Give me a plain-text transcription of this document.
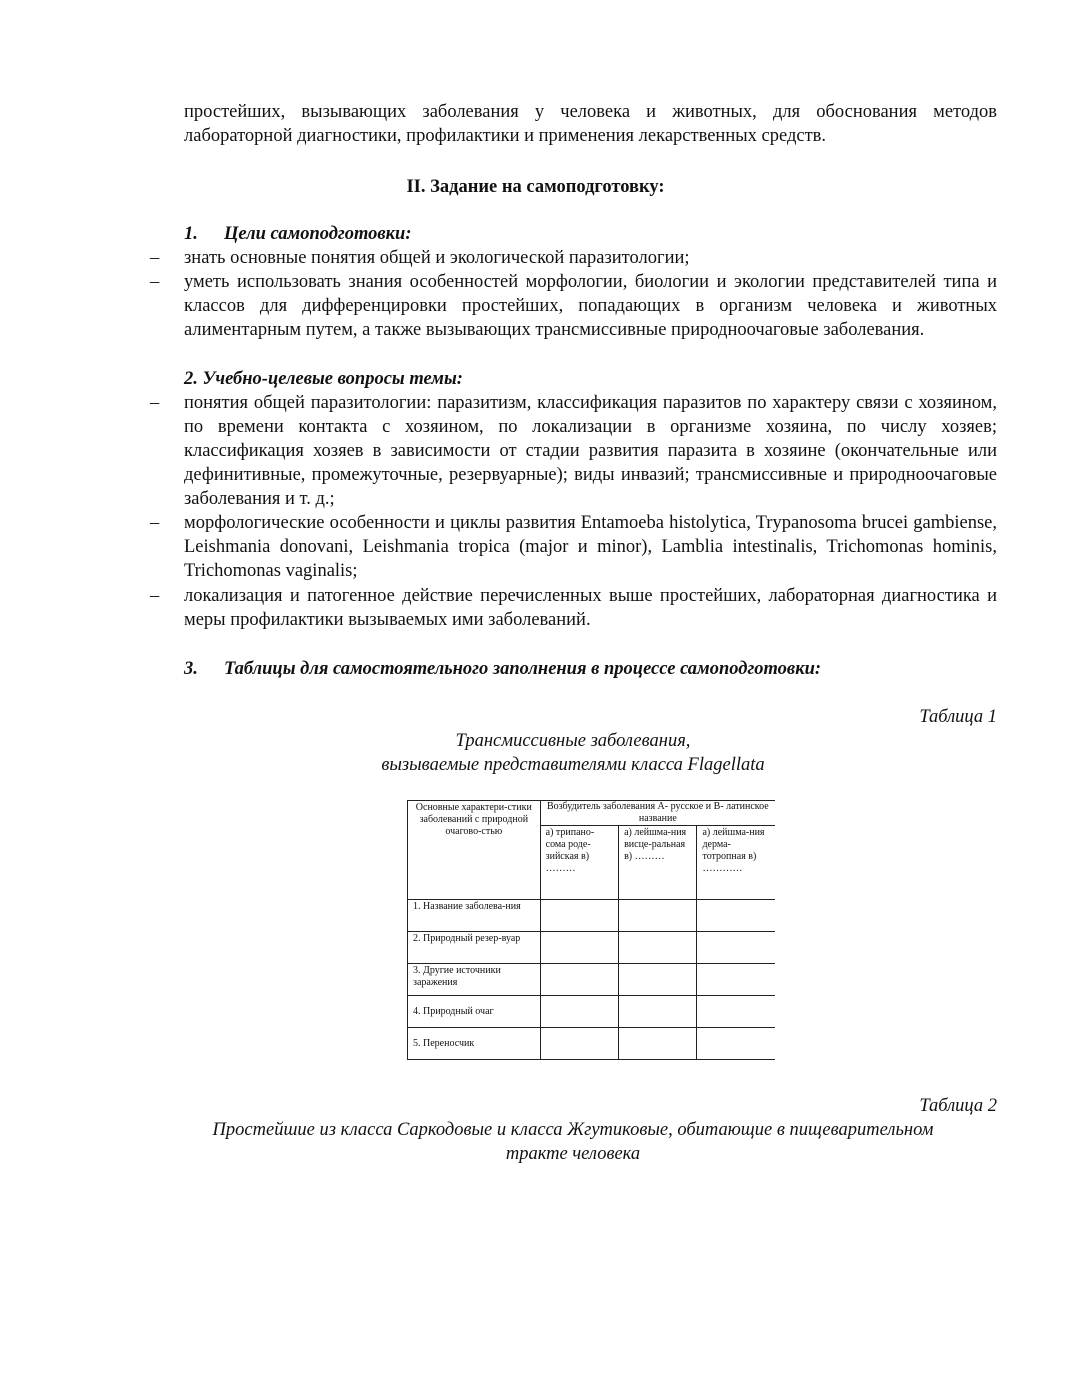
простейших, вызывающих заболевания у человека и животных, для обоснования методов лабораторной диагностики, профилактики и применения лекарственных средств.
II. Задание на самоподготовку:
1. Цели самоподготовки:
– знать основные понятия общей и экологической паразитологии;
– уметь использовать знания особенностей морфологии, биологии и экологии представителей типа и классов для дифференцировки простейших, попадающих в организм человека и животных алиментарным путем, а также вызывающих трансмиссивные природноочаговые заболевания.
2. Учебно-целевые вопросы темы:
– понятия общей паразитологии: паразитизм, классификация паразитов по характеру связи с хозяином, по времени контакта с хозяином, по локализации в организме хозяина, по числу хозяев; классификация хозяев в зависимости от стадии развития паразита в хозяине (окончательные или дефинитивные, промежуточные, резервуарные); виды инвазий; трансмиссивные и природноочаговые заболевания и т. д.;
– морфологические особенности и циклы развития Entamoeba histolytica, Trypanosoma brucei gambiense, Leishmania donovani, Leishmania tropica (major и minor), Lamblia intestinalis, Trichomonas hominis, Trichomonas vaginalis;
– локализация и патогенное действие перечисленных выше простейших, лабораторная диагностика и меры профилактики вызываемых ими заболеваний.
3. Таблицы для самостоятельного заполнения в процессе самоподготовки:
Таблица 1
Трансмиссивные заболевания,
вызываемые представителями класса Flagellata
Основные характери-стики заболеваний с природной очагово-стью	Возбудитель заболевания А- русское и В- латинское название		
	а) трипано-сома роде-зийская в) ………	а) лейшма-ния висце-ральная в) ………	а) лейшма-ния дерма-тотропная в) …………
1. Название заболева-ния			
2. Природный резер-вуар			
3. Другие источники заражения			
4. Природный очаг			
5. Переносчик			
Таблица 2
Простейшие из класса Саркодовые и класса Жгутиковые, обитающие в пищеварительном
тракте человека
